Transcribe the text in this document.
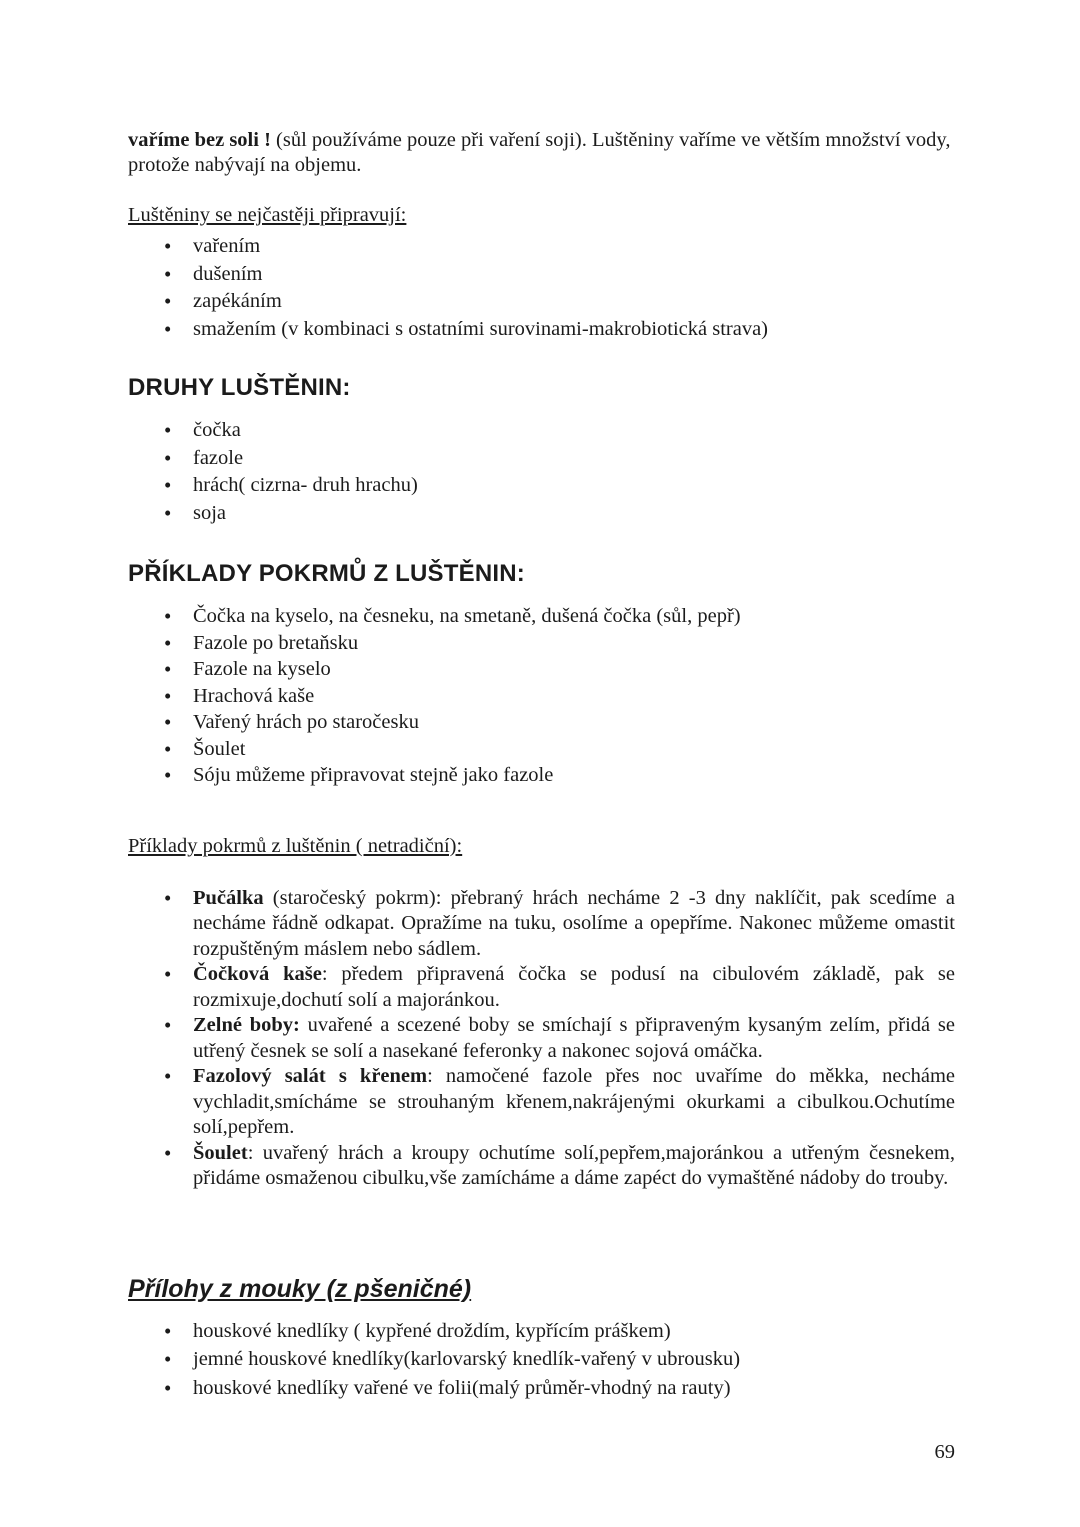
vaříme bez soli ! (sůl používáme pouze při vaření soji). Luštěniny vaříme ve větším množství vody, protože nabývají na objemu.

Luštěniny se nejčastěji připravují:

• vařením
• dušením
• zapékáním
• smažením (v kombinaci s ostatními surovinami-makrobiotická strava)
DRUHY LUŠTĚNIN:
• čočka
• fazole
• hrách( cizrna- druh hrachu)
• soja
PŘÍKLADY POKRMŮ Z LUŠTĚNIN:
• Čočka na kyselo, na česneku, na smetaně, dušená čočka (sůl, pepř)
• Fazole po bretaňsku
• Fazole na kyselo
• Hrachová kaše
• Vařený hrách po staročesku
• Šoulet
• Sóju můžeme připravovat stejně jako fazole

Příklady pokrmů z luštěnin ( netradiční):

• Pučálka (staročeský pokrm): přebraný hrách necháme 2 -3 dny naklíčit, pak scedíme a necháme řádně odkapat. Opražíme na tuku, osolíme a opepříme. Nakonec můžeme omastit rozpuštěným máslem nebo sádlem.
• Čočková kaše: předem připravená čočka se podusí na cibulovém základě, pak se rozmixuje,dochutí solí a majoránkou.
• Zelné boby: uvařené a scezené boby se smíchají s připraveným kysaným zelím, přidá se utřený česnek se solí a nasekané feferonky a nakonec sojová omáčka.
• Fazolový salát s křenem: namočené fazole přes noc uvaříme do měkka, necháme vychladit,smícháme se strouhaným křenem,nakrájenými okurkami a cibulkou.Ochutíme solí,pepřem.
• Šoulet: uvařený hrách a kroupy ochutíme solí,pepřem,majoránkou a utřeným česnekem, přidáme osmaženou cibulku,vše zamícháme a dáme zapéct do vymaštěné nádoby do trouby.
Přílohy z mouky (z pšeničné)
• houskové knedlíky ( kypřené droždím, kypřícím práškem)
• jemné houskové knedlíky(karlovarský knedlík-vařený v ubrousku)
• houskové knedlíky vařené ve folii(malý průměr-vhodný na rauty)
69
